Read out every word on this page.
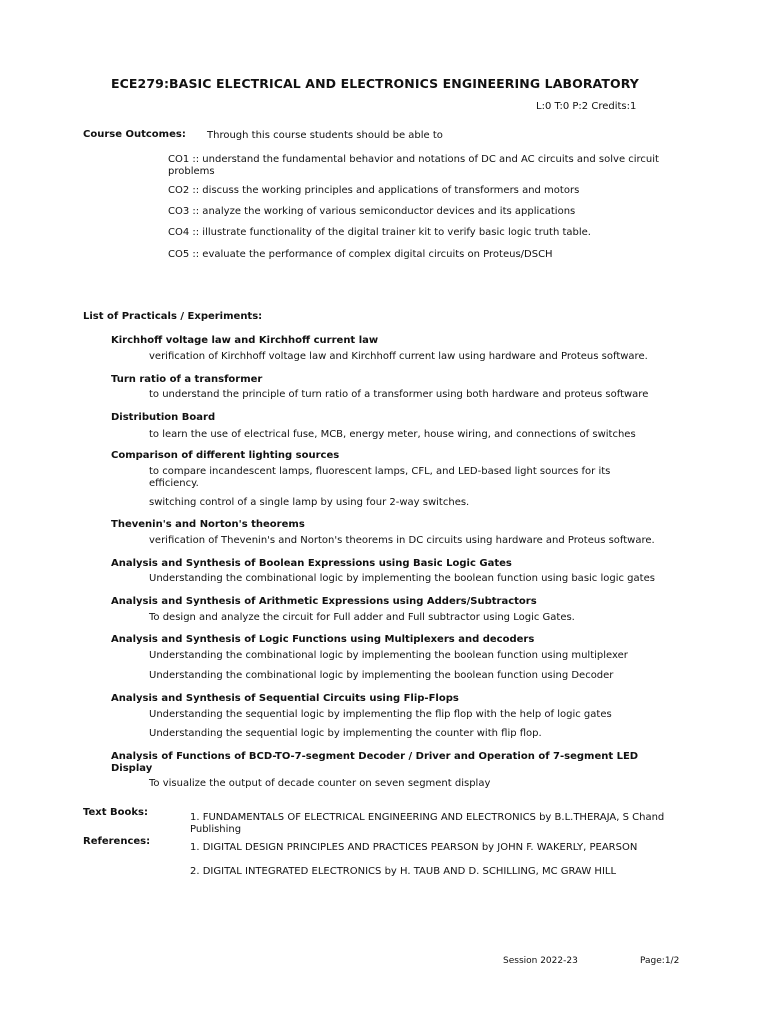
ECE279:BASIC ELECTRICAL AND ELECTRONICS ENGINEERING LABORATORY
L:0 T:0 P:2 Credits:1
Course Outcomes: Through this course students should be able to
CO1 :: understand the fundamental behavior and notations of DC and AC circuits and solve circuit problems
CO2 :: discuss the working principles and applications of transformers and motors
CO3 :: analyze the working of various semiconductor devices and its applications
CO4 :: illustrate functionality of the digital trainer kit to verify basic logic truth table.
CO5 :: evaluate the performance of complex digital circuits on Proteus/DSCH
List of Practicals / Experiments:
Kirchhoff voltage law and Kirchhoff current law
verification of Kirchhoff voltage law and Kirchhoff current law using hardware and Proteus software.
Turn ratio of a transformer
to understand the principle of turn ratio of a transformer using both hardware and proteus software
Distribution Board
to learn the use of electrical fuse, MCB, energy meter, house wiring, and connections of switches
Comparison of different lighting sources
to compare incandescent lamps, fluorescent lamps, CFL, and LED-based light sources for its efficiency.
switching control of a single lamp by using four 2-way switches.
Thevenin's and Norton's theorems
verification of Thevenin's and Norton's theorems in DC circuits using hardware and Proteus software.
Analysis and Synthesis of Boolean Expressions using Basic Logic Gates
Understanding the combinational logic by implementing the boolean function using basic logic gates
Analysis and Synthesis of Arithmetic Expressions using Adders/Subtractors
To design and analyze the circuit for Full adder and Full subtractor using Logic Gates.
Analysis and Synthesis of Logic Functions using Multiplexers and decoders
Understanding the combinational logic by implementing the boolean function using multiplexer
Understanding the combinational logic by implementing the boolean function using Decoder
Analysis and Synthesis of Sequential Circuits using Flip-Flops
Understanding the sequential logic by implementing the flip flop with the help of logic gates
Understanding the sequential logic by implementing the counter with flip flop.
Analysis of Functions of BCD-TO-7-segment Decoder / Driver and Operation of 7-segment LED Display
To visualize the output of decade counter on seven segment display
Text Books:	1. FUNDAMENTALS OF ELECTRICAL ENGINEERING AND ELECTRONICS by B.L.THERAJA, S Chand Publishing
References:
1. DIGITAL DESIGN PRINCIPLES AND PRACTICES PEARSON by JOHN F. WAKERLY, PEARSON
2. DIGITAL INTEGRATED ELECTRONICS by H. TAUB AND D. SCHILLING, MC GRAW HILL
Session 2022-23	Page:1/2
